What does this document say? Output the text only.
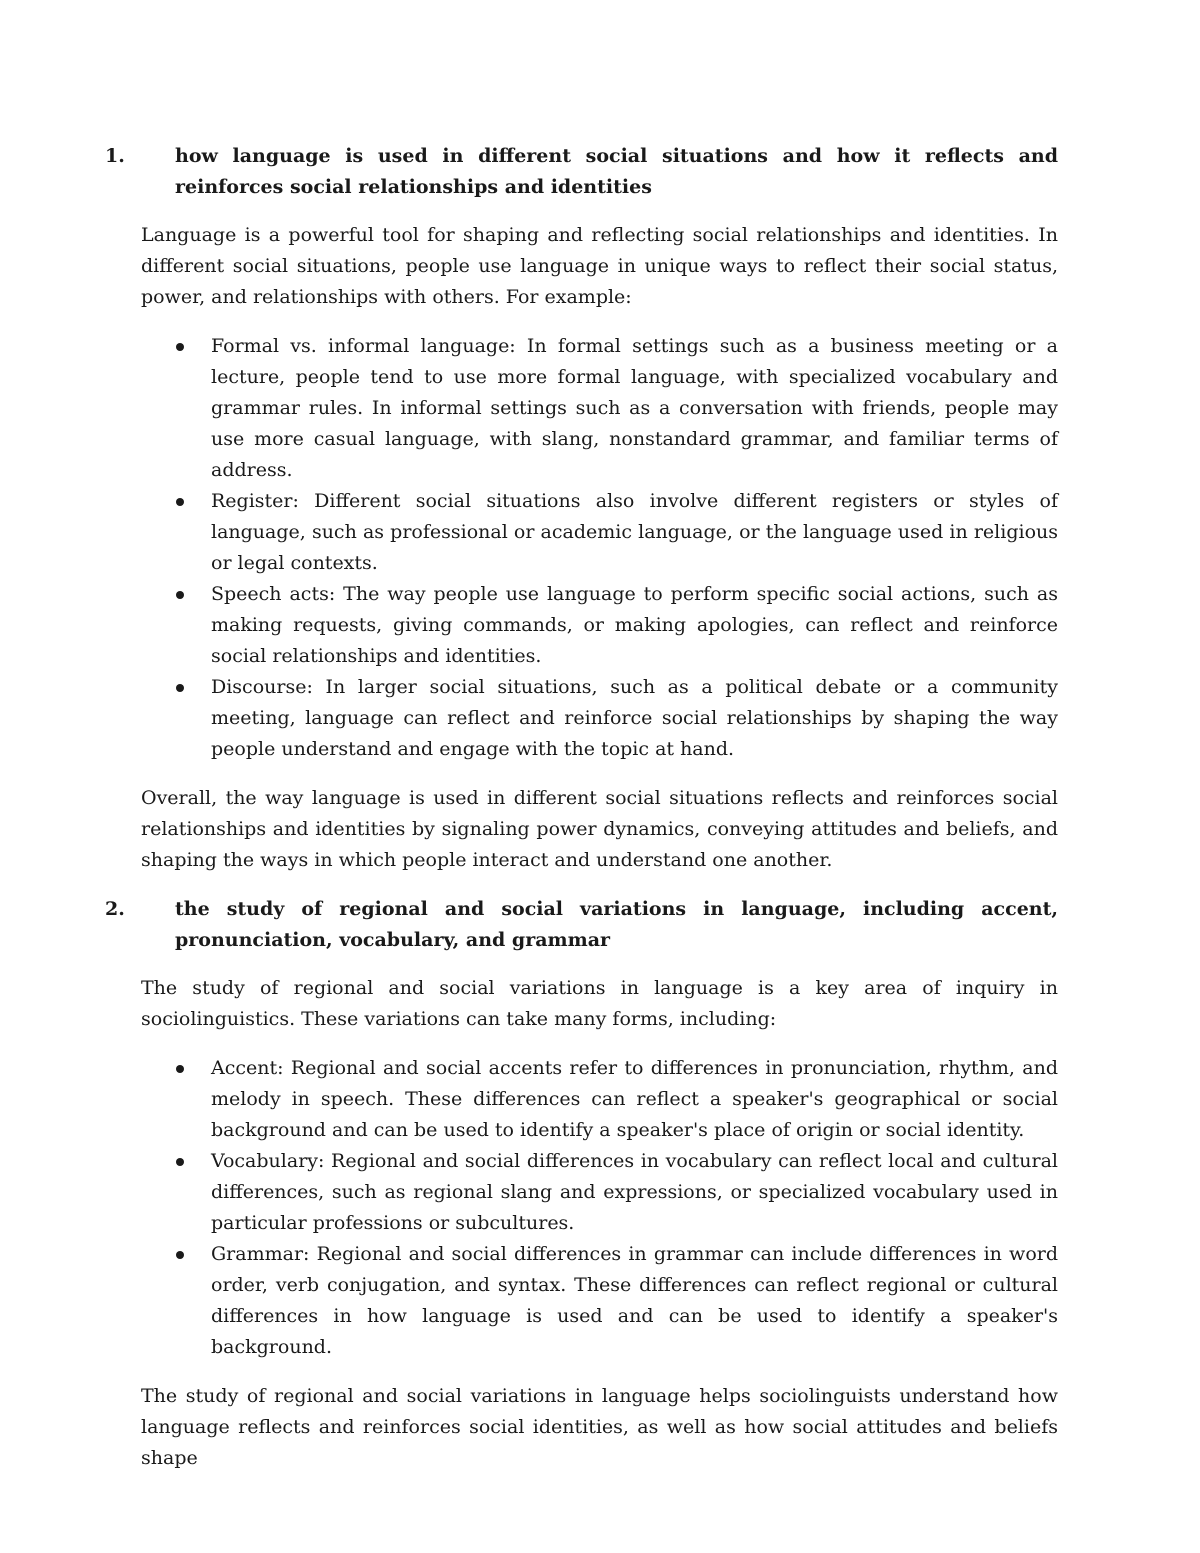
1.	how language is used in different social situations and how it reflects and reinforces social relationships and identities

Language is a powerful tool for shaping and reflecting social relationships and identities. In different social situations, people use language in unique ways to reflect their social status, power, and relationships with others. For example:

Formal vs. informal language: In formal settings such as a business meeting or a lecture, people tend to use more formal language, with specialized vocabulary and grammar rules. In informal settings such as a conversation with friends, people may use more casual language, with slang, nonstandard grammar, and familiar terms of address.
Register: Different social situations also involve different registers or styles of language, such as professional or academic language, or the language used in religious or legal contexts.
Speech acts: The way people use language to perform specific social actions, such as making requests, giving commands, or making apologies, can reflect and reinforce social relationships and identities.
Discourse: In larger social situations, such as a political debate or a community meeting, language can reflect and reinforce social relationships by shaping the way people understand and engage with the topic at hand.

Overall, the way language is used in different social situations reflects and reinforces social relationships and identities by signaling power dynamics, conveying attitudes and beliefs, and shaping the ways in which people interact and understand one another.

2.	the study of regional and social variations in language, including accent, pronunciation, vocabulary, and grammar

The study of regional and social variations in language is a key area of inquiry in sociolinguistics. These variations can take many forms, including:

Accent: Regional and social accents refer to differences in pronunciation, rhythm, and melody in speech. These differences can reflect a speaker's geographical or social background and can be used to identify a speaker's place of origin or social identity.
Vocabulary: Regional and social differences in vocabulary can reflect local and cultural differences, such as regional slang and expressions, or specialized vocabulary used in particular professions or subcultures.
Grammar: Regional and social differences in grammar can include differences in word order, verb conjugation, and syntax. These differences can reflect regional or cultural differences in how language is used and can be used to identify a speaker's background.

The study of regional and social variations in language helps sociolinguists understand how language reflects and reinforces social identities, as well as how social attitudes and beliefs shape
